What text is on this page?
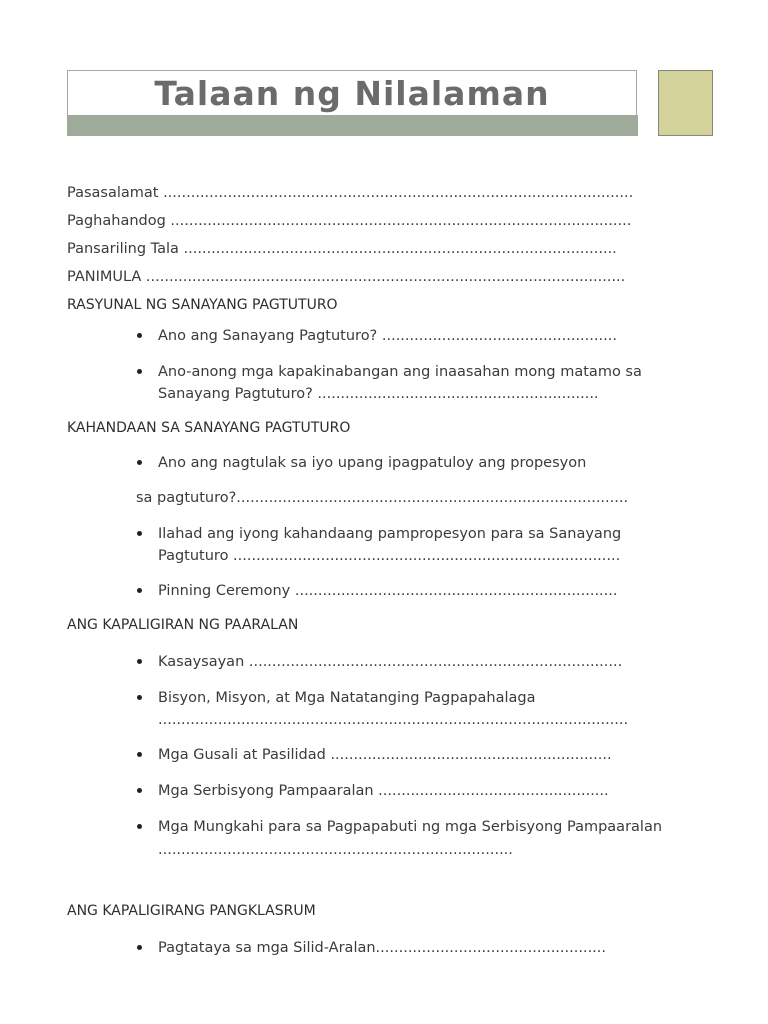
Talaan ng Nilalaman
Pasasalamat ......................................................................................................
Paghahandog ....................................................................................................
Pansariling Tala ..............................................................................................
PANIMULA ........................................................................................................
RASYUNAL NG SANAYANG PAGTUTURO
Ano ang Sanayang Pagtuturo? ...................................................
Ano-anong mga kapakinabangan ang inaasahan mong matamo sa
Sanayang Pagtuturo? .............................................................
KAHANDAAN SA SANAYANG PAGTUTURO
Ano ang nagtulak sa iyo upang ipagpatuloy ang propesyon
sa pagtuturo?.....................................................................................
Ilahad ang iyong kahandaang pampropesyon para sa Sanayang
Pagtuturo ....................................................................................
Pinning Ceremony ......................................................................
ANG KAPALIGIRAN NG PAARALAN
Kasaysayan .................................................................................
Bisyon, Misyon, at Mga Natatanging Pagpapahalaga
......................................................................................................
Mga Gusali at Pasilidad .............................................................
Mga Serbisyong Pampaaralan ..................................................
Mga Mungkahi para sa Pagpapabuti ng mga Serbisyong Pampaaralan
.............................................................................
ANG KAPALIGIRANG PANGKLASRUM
Pagtataya sa mga Silid-Aralan..................................................
